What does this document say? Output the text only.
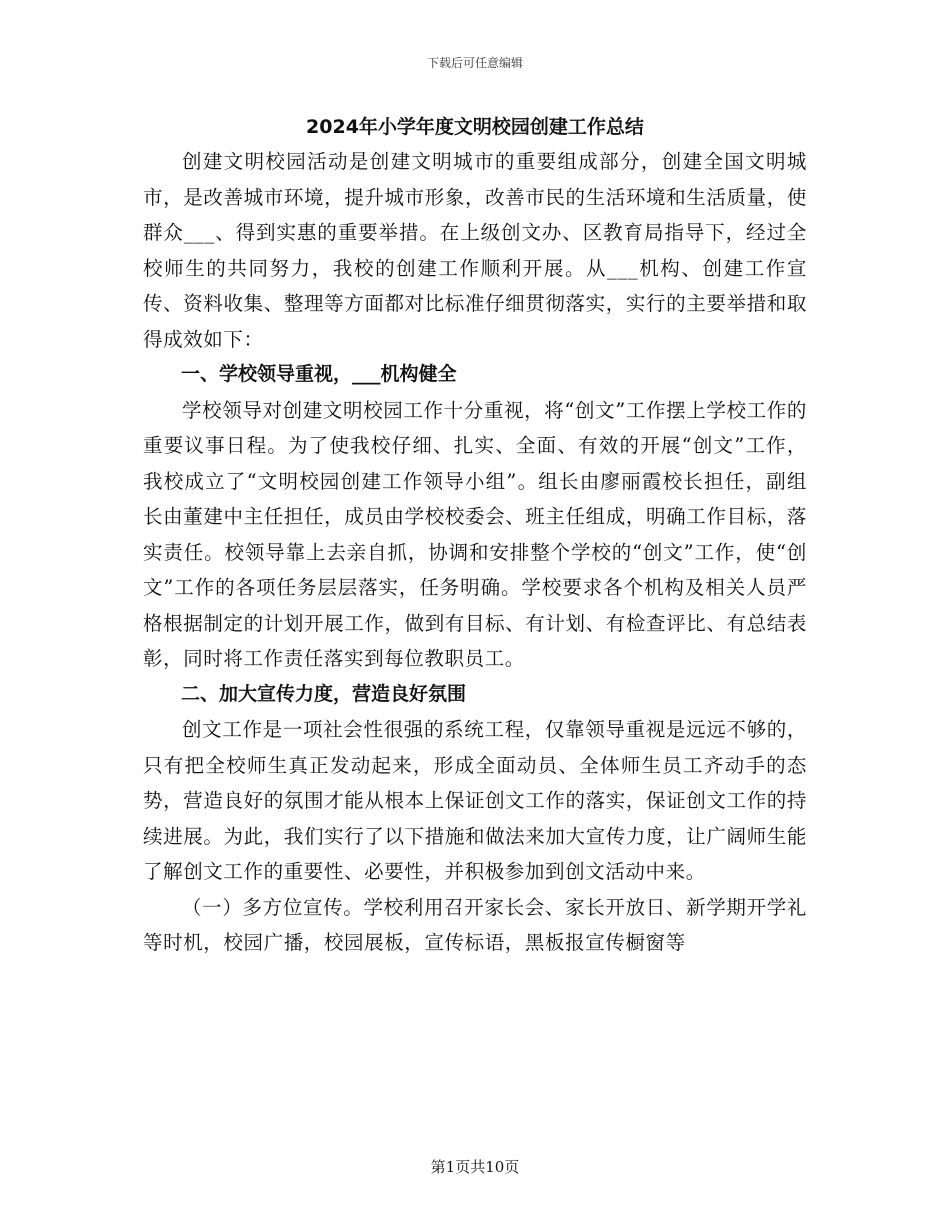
下载后可任意编辑
2024年小学年度文明校园创建工作总结

创建文明校园活动是创建文明城市的重要组成部分，创建全国文明城市，是改善城市环境，提升城市形象，改善市民的生活环境和生活质量，使群众___、得到实惠的重要举措。在上级创文办、区教育局指导下，经过全校师生的共同努力，我校的创建工作顺利开展。从___机构、创建工作宣传、资料收集、整理等方面都对比标准仔细贯彻落实，实行的主要举措和取得成效如下：

一、学校领导重视，___机构健全

学校领导对创建文明校园工作十分重视，将“创文”工作摆上学校工作的重要议事日程。为了使我校仔细、扎实、全面、有效的开展“创文”工作，我校成立了“文明校园创建工作领导小组”。组长由廖丽霞校长担任，副组长由董建中主任担任，成员由学校校委会、班主任组成，明确工作目标，落实责任。校领导靠上去亲自抓，协调和安排整个学校的“创文”工作，使“创文”工作的各项任务层层落实，任务明确。学校要求各个机构及相关人员严格根据制定的计划开展工作，做到有目标、有计划、有检查评比、有总结表彰，同时将工作责任落实到每位教职员工。

二、加大宣传力度，营造良好氛围

创文工作是一项社会性很强的系统工程，仅靠领导重视是远远不够的，只有把全校师生真正发动起来，形成全面动员、全体师生员工齐动手的态势，营造良好的氛围才能从根本上保证创文工作的落实，保证创文工作的持续进展。为此，我们实行了以下措施和做法来加大宣传力度，让广阔师生能了解创文工作的重要性、必要性，并积极参加到创文活动中来。

（一）多方位宣传。学校利用召开家长会、家长开放日、新学期开学礼等时机，校园广播，校园展板，宣传标语，黑板报宣传橱窗等

第1页共10页
